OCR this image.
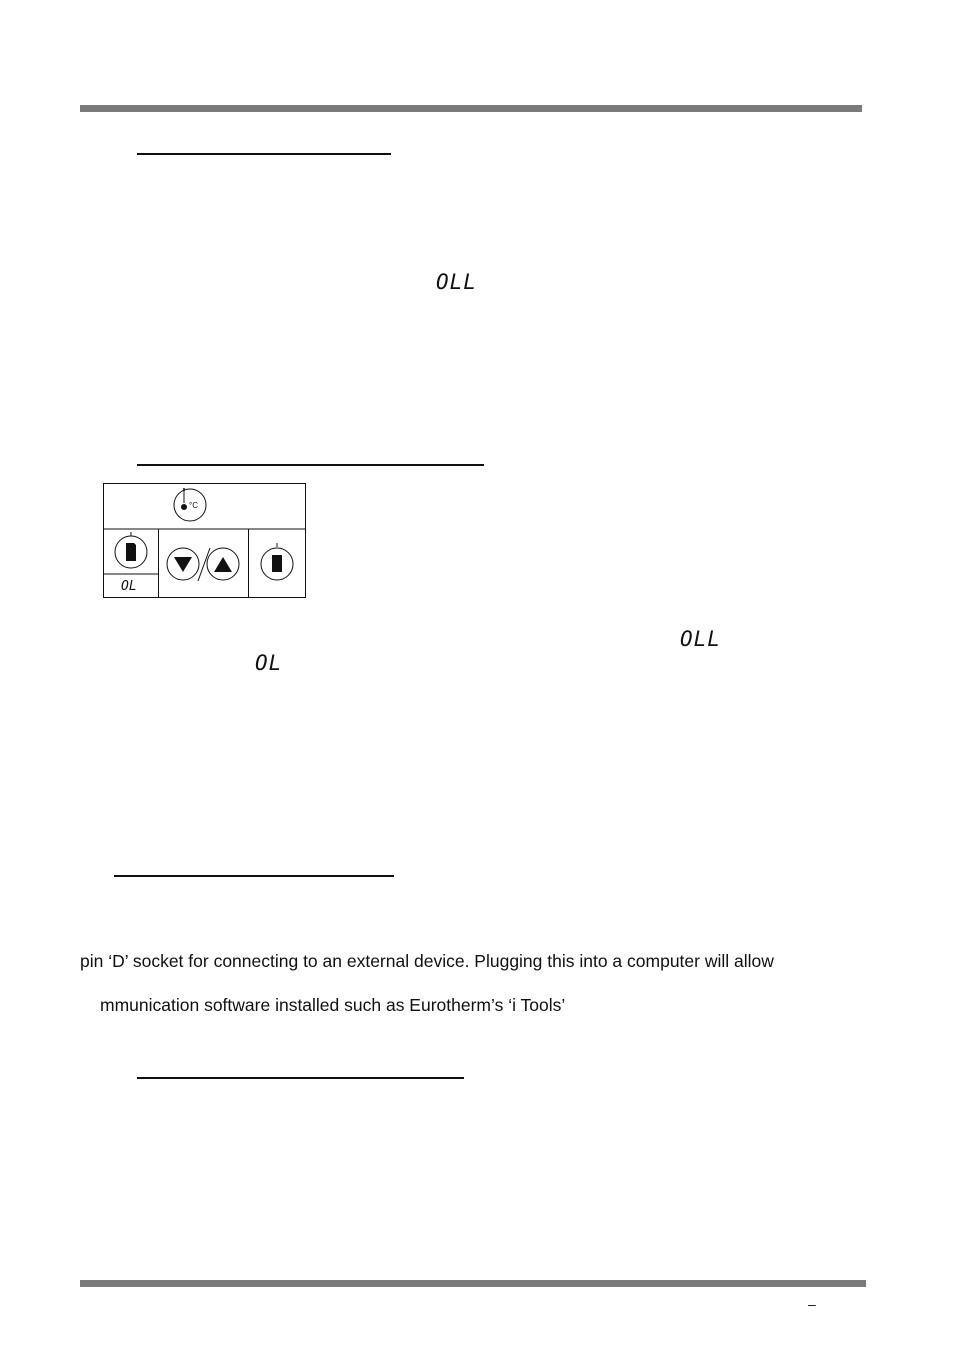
OLL
°C
OL
OLL
OL
pin ‘D’ socket for connecting to an external device. Plugging this into a computer will allow
mmunication software installed such as Eurotherm’s ‘i Tools’
–
